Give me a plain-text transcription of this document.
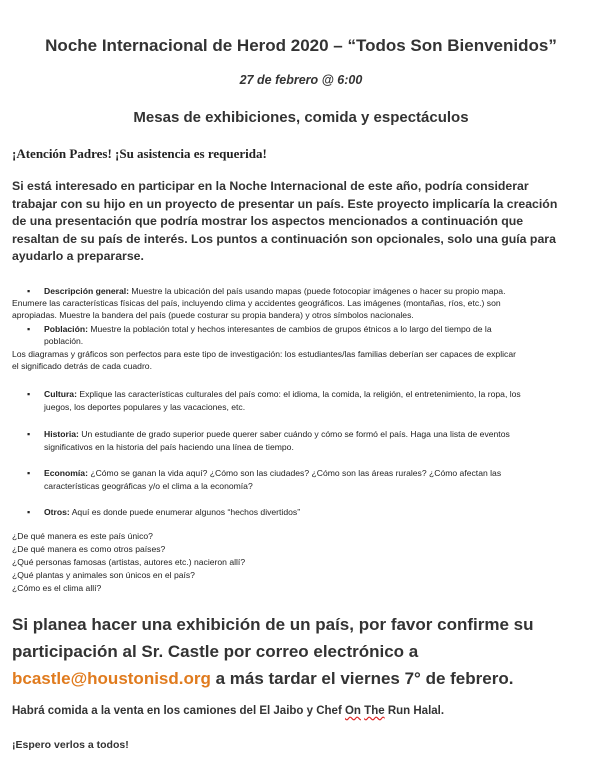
Noche Internacional de Herod 2020 – “Todos Son Bienvenidos”
27 de febrero @ 6:00
Mesas de exhibiciones, comida y espectáculos
¡Atención Padres! ¡Su asistencia es requerida!
Si está interesado en participar en la Noche Internacional de este año, podría considerar
trabajar con su hijo en un proyecto de presentar un país. Este proyecto implicaría la creación
de una presentación que podría mostrar los aspectos mencionados a continuación que
resaltan de su país de interés. Los puntos a continuación son opcionales, solo una guía para
ayudarlo a prepararse.
▪ Descripción general: Muestre la ubicación del país usando mapas (puede fotocopiar imágenes o hacer su propio mapa.
Enumere las características físicas del país, incluyendo clima y accidentes geográficos. Las imágenes (montañas, ríos, etc.) son
apropiadas. Muestre la bandera del país (puede costurar su propia bandera) y otros símbolos nacionales.
▪ Población: Muestre la población total y hechos interesantes de cambios de grupos étnicos a lo largo del tiempo de la
población.
Los diagramas y gráficos son perfectos para este tipo de investigación: los estudiantes/las familias deberían ser capaces de explicar
el significado detrás de cada cuadro.
▪ Cultura: Explique las características culturales del país como: el idioma, la comida, la religión, el entretenimiento, la ropa, los
juegos, los deportes populares y las vacaciones, etc.
▪ Historia: Un estudiante de grado superior puede querer saber cuándo y cómo se formó el país. Haga una lista de eventos
significativos en la historia del país haciendo una línea de tiempo.
▪ Economía: ¿Cómo se ganan la vida aquí? ¿Cómo son las ciudades? ¿Cómo son las áreas rurales? ¿Cómo afectan las
características geográficas y/o el clima a la economía?
▪ Otros: Aquí es donde puede enumerar algunos “hechos divertidos”
¿De qué manera es este país único?
¿De qué manera es como otros países?
¿Qué personas famosas (artistas, autores etc.) nacieron allí?
¿Qué plantas y animales son únicos en el país?
¿Cómo es el clima allí?
Si planea hacer una exhibición de un país, por favor confirme su
participación al Sr. Castle por correo electrónico a
bcastle@houstonisd.org a más tardar el viernes 7° de febrero.
Habrá comida a la venta en los camiones del El Jaibo y Chef On The Run Halal.
¡Espero verlos a todos!
